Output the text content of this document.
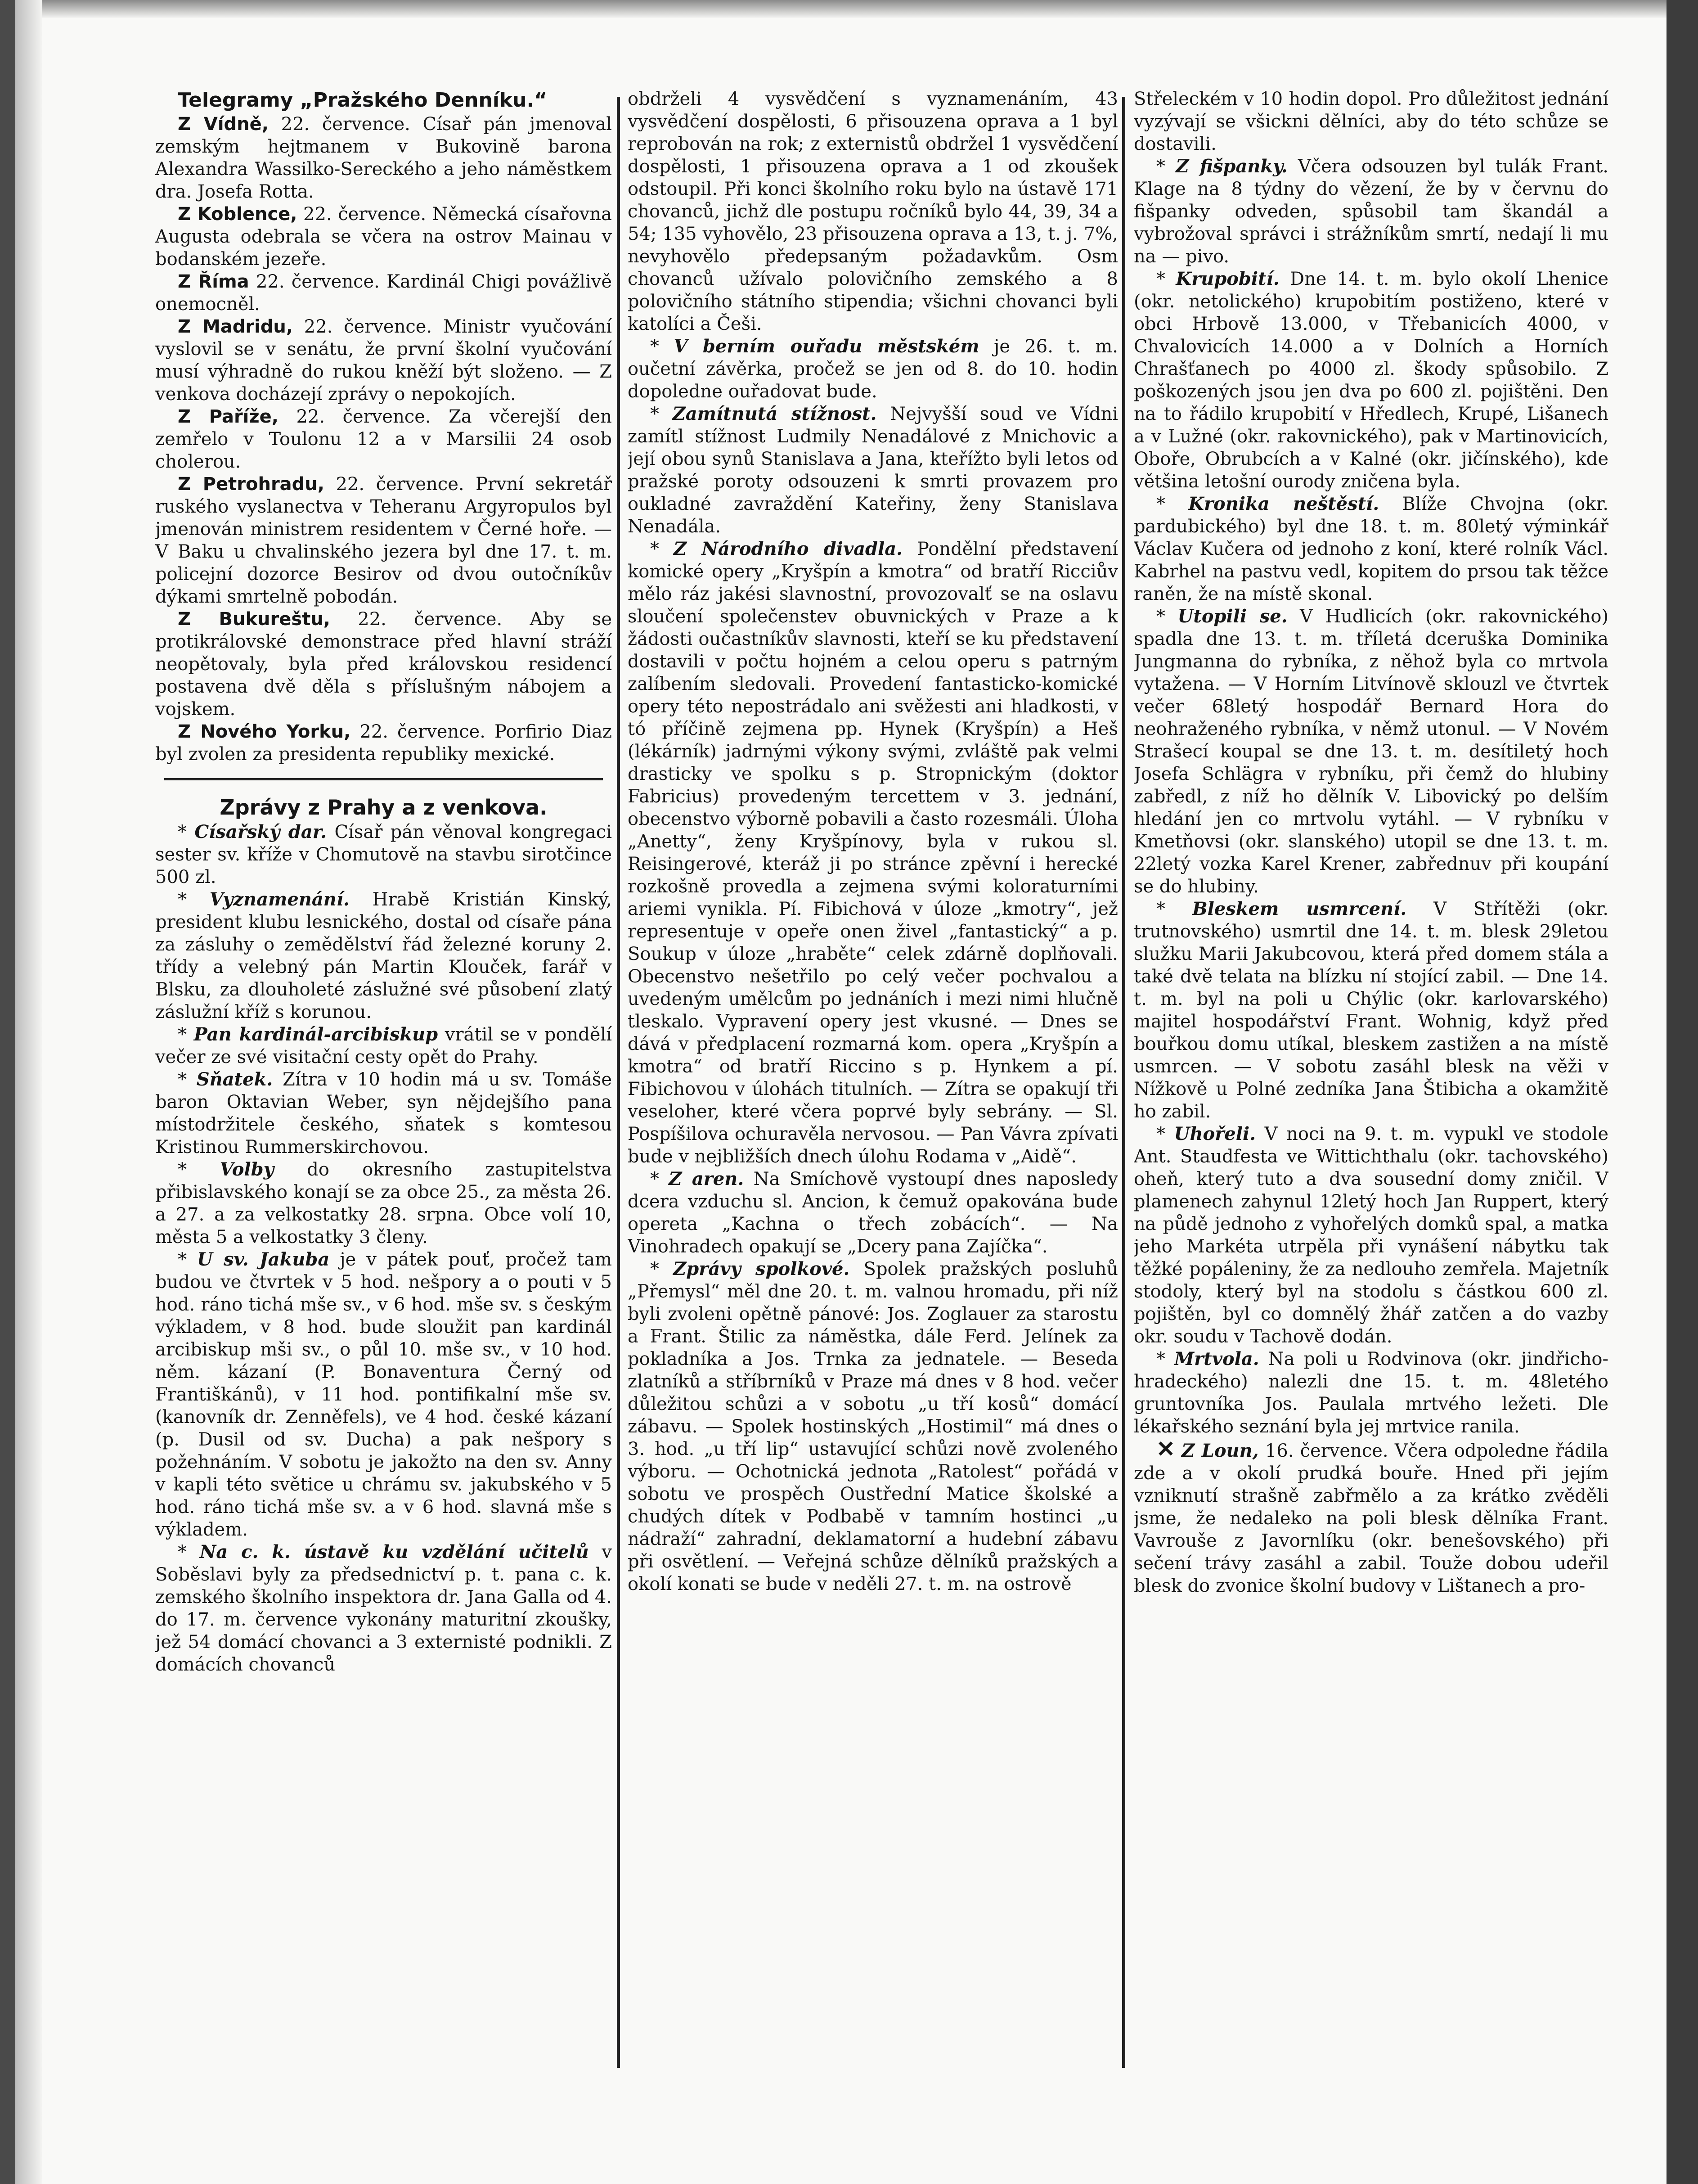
Telegramy „Pražského Denníku.“

Z Vídně, 22. července. Císař pán jmenoval zemským hejtmanem v Bukovině barona Alexandra Wassilko-Sereckého a jeho náměstkem dra. Josefa Rotta.

Z Koblence, 22. července. Německá císařovna Augusta odebrala se včera na ostrov Mainau v bodanském jezeře.

Z Říma 22. července. Kardinál Chigi povážlivě onemocněl.

Z Madridu, 22. července. Ministr vyučování vyslovil se v senátu, že první školní vyučování musí výhradně do rukou kněží být složeno. — Z venkova docházejí zprávy o nepokojích.

Z Paříže, 22. července. Za včerejší den zemřelo v Toulonu 12 a v Marsilii 24 osob cholerou.

Z Petrohradu, 22. července. První sekretář ruského vyslanectva v Teheranu Argyropulos byl jmenován ministrem residentem v Černé hoře. — V Baku u chvalinského jezera byl dne 17. t. m. policejní dozorce Besirov od dvou outočníkův dýkami smrtelně pobodán.

Z Bukureštu, 22. července. Aby se protikrálovské demonstrace před hlavní stráží neopětovaly, byla před královskou residencí postavena dvě děla s příslušným nábojem a vojskem.

Z Nového Yorku, 22. července. Porfirio Diaz byl zvolen za presidenta republiky mexické.

Zprávy z Prahy a z venkova.

* Císařský dar. Císař pán věnoval kongregaci sester sv. kříže v Chomutově na stavbu sirotčince 500 zl.

* Vyznamenání. Hrabě Kristián Kinský, president klubu lesnického, dostal od císaře pána za zásluhy o zemědělství řád železné koruny 2. třídy a velebný pán Martin Klouček, farář v Blsku, za dlouholeté záslužné své působení zlatý záslužní kříž s korunou.

* Pan kardinál-arcibiskup vrátil se v pondělí večer ze své visitační cesty opět do Prahy.

* Sňatek. Zítra v 10 hodin má u sv. Tomáše baron Oktavian Weber, syn nějdejšího pana místodržitele českého, sňatek s komtesou Kristinou Rummerskirchovou.

* Volby do okresního zastupitelstva přibislavského konají se za obce 25., za města 26. a 27. a za velkostatky 28. srpna. Obce volí 10, města 5 a velkostatky 3 členy.

* U sv. Jakuba je v pátek pouť, pročež tam budou ve čtvrtek v 5 hod. nešpory a o pouti v 5 hod. ráno tichá mše sv., v 6 hod. mše sv. s českým výkladem, v 8 hod. bude sloužit pan kardinál arcibiskup mši sv., o půl 10. mše sv., v 10 hod. něm. kázaní (P. Bonaventura Černý od Františkánů), v 11 hod. pontifikalní mše sv. (kanovník dr. Zenněfels), ve 4 hod. české kázaní (p. Dusil od sv. Ducha) a pak nešpory s požehnáním. V sobotu je jakožto na den sv. Anny v kapli této světice u chrámu sv. jakubského v 5 hod. ráno tichá mše sv. a v 6 hod. slavná mše s výkladem.

* Na c. k. ústavě ku vzdělání učitelů v Soběslavi byly za předsednictví p. t. pana c. k. zemského školního inspektora dr. Jana Galla od 4. do 17. m. července vykonány maturitní zkoušky, jež 54 domácí chovanci a 3 externisté podnikli. Z domácích chovanců

obdrželi 4 vysvědčení s vyznamenáním, 43 vysvědčení dospělosti, 6 přisouzena oprava a 1 byl reprobován na rok; z externistů obdržel 1 vysvědčení dospělosti, 1 přisouzena oprava a 1 od zkoušek odstoupil. Při konci školního roku bylo na ústavě 171 chovanců, jichž dle postupu ročníků bylo 44, 39, 34 a 54; 135 vyhovělo, 23 přisouzena oprava a 13, t. j. 7%, nevyhovělo předepsaným požadavkům. Osm chovanců užívalo polovičního zemského a 8 polovičního státního stipendia; všichni chovanci byli katolíci a Češi.

* V berním ouřadu městském je 26. t. m. oučetní závěrka, pročež se jen od 8. do 10. hodin dopoledne ouřadovat bude.

* Zamítnutá stížnost. Nejvyšší soud ve Vídni zamítl stížnost Ludmily Nenadálové z Mnichovic a její obou synů Stanislava a Jana, kteřížto byli letos od pražské poroty odsouzeni k smrti provazem pro oukladné zavraždění Kateřiny, ženy Stanislava Nenadála.

* Z Národního divadla. Pondělní představení komické opery „Kryšpín a kmotra“ od bratří Ricciův mělo ráz jakési slavnostní, provozovalť se na oslavu sloučení společenstev obuvnických v Praze a k žádosti oučastníkův slavnosti, kteří se ku představení dostavili v počtu hojném a celou operu s patrným zalíbením sledovali. Provedení fantasticko-komické opery této nepostrádalo ani svěžesti ani hladkosti, v tó příčině zejmena pp. Hynek (Kryšpín) a Heš (lékárník) jadrnými výkony svými, zvláště pak velmi drasticky ve spolku s p. Stropnickým (doktor Fabricius) provedeným tercettem v 3. jednání, obecenstvo výborně pobavili a často rozesmáli. Úloha „Anetty“, ženy Kryšpínovy, byla v rukou sl. Reisingerové, kteráž ji po stránce zpěvní i herecké rozkošně provedla a zejmena svými koloraturními ariemi vynikla. Pí. Fibichová v úloze „kmotry“, jež representuje v opeře onen živel „fantastický“ a p. Soukup v úloze „hraběte“ celek zdárně doplňovali. Obecenstvo nešetřilo po celý večer pochvalou a uvedeným umělcům po jednáních i mezi nimi hlučně tleskalo. Vypravení opery jest vkusné. — Dnes se dává v předplacení rozmarná kom. opera „Kryšpín a kmotra“ od bratří Riccino s p. Hynkem a pí. Fibichovou v úlohách titulních. — Zítra se opakují tři veseloher, které včera poprvé byly sebrány. — Sl. Pospíšilova ochuravěla nervosou. — Pan Vávra zpívati bude v nejbližších dnech úlohu Rodama v „Aidě“.

* Z aren. Na Smíchově vystoupí dnes naposledy dcera vzduchu sl. Ancion, k čemuž opakována bude opereta „Kachna o třech zobácích“. — Na Vinohradech opakují se „Dcery pana Zajíčka“.

* Zprávy spolkové. Spolek pražských posluhů „Přemysl“ měl dne 20. t. m. valnou hromadu, při níž byli zvoleni opětně pánové: Jos. Zoglauer za starostu a Frant. Štilic za náměstka, dále Ferd. Jelínek za pokladníka a Jos. Trnka za jednatele. — Beseda zlatníků a stříbrníků v Praze má dnes v 8 hod. večer důležitou schůzi a v sobotu „u tří kosů“ domácí zábavu. — Spolek hostinských „Hostimil“ má dnes o 3. hod. „u tří lip“ ustavující schůzi nově zvoleného výboru. — Ochotnická jednota „Ratolest“ pořádá v sobotu ve prospěch Oustřední Matice školské a chudých dítek v Podbabě v tamním hostinci „u nádraží“ zahradní, deklamatorní a hudební zábavu při osvětlení. — Veřejná schůze dělníků pražských a okolí konati se bude v neděli 27. t. m. na ostrově

Střeleckém v 10 hodin dopol. Pro důležitost jednání vyzývají se všickni dělníci, aby do této schůze se dostavili.

* Z fišpanky. Včera odsouzen byl tulák Frant. Klage na 8 týdny do vězení, že by v červnu do fišpanky odveden, spůsobil tam škandál a vybrožoval správci i strážníkům smrtí, nedají li mu na — pivo.

* Krupobití. Dne 14. t. m. bylo okolí Lhenice (okr. netolického) krupobitím postiženo, které v obci Hrbově 13.000, v Třebanicích 4000, v Chvalovicích 14.000 a v Dolních a Horních Chrašťanech po 4000 zl. škody spůsobilo. Z poškozených jsou jen dva po 600 zl. pojištěni. Den na to řádilo krupobití v Hředlech, Krupé, Lišanech a v Lužné (okr. rakovnického), pak v Martinovicích, Oboře, Obrubcích a v Kalné (okr. jičínského), kde většina letošní ourody zničena byla.

* Kronika neštěstí. Blíže Chvojna (okr. pardubického) byl dne 18. t. m. 80letý výminkář Václav Kučera od jednoho z koní, které rolník Václ. Kabrhel na pastvu vedl, kopitem do prsou tak těžce raněn, že na místě skonal.

* Utopili se. V Hudlicích (okr. rakovnického) spadla dne 13. t. m. tříletá dceruška Dominika Jungmanna do rybníka, z něhož byla co mrtvola vytažena. — V Horním Litvínově sklouzl ve čtvrtek večer 68letý hospodář Bernard Hora do neohraženého rybníka, v němž utonul. — V Novém Strašecí koupal se dne 13. t. m. desítiletý hoch Josefa Schlägra v rybníku, při čemž do hlubiny zabředl, z níž ho dělník V. Libovický po delším hledání jen co mrtvolu vytáhl. — V rybníku v Kmetňovsi (okr. slanského) utopil se dne 13. t. m. 22letý vozka Karel Krener, zabřednuv při koupání se do hlubiny.

* Bleskem usmrcení. V Střítěži (okr. trutnovského) usmrtil dne 14. t. m. blesk 29letou služku Marii Jakubcovou, která před domem stála a také dvě telata na blízku ní stojící zabil. — Dne 14. t. m. byl na poli u Chýlic (okr. karlovarského) majitel hospodářství Frant. Wohnig, když před bouřkou domu utíkal, bleskem zastižen a na místě usmrcen. — V sobotu zasáhl blesk na věži v Nížkově u Polné zedníka Jana Štibicha a okamžitě ho zabil.

* Uhořeli. V noci na 9. t. m. vypukl ve stodole Ant. Staudfesta ve Wittichthalu (okr. tachovského) oheň, který tuto a dva sousední domy zničil. V plamenech zahynul 12letý hoch Jan Ruppert, který na půdě jednoho z vyhořelých domků spal, a matka jeho Markéta utrpěla při vynášení nábytku tak těžké popáleniny, že za nedlouho zemřela. Majetník stodoly, který byl na stodolu s částkou 600 zl. pojištěn, byl co domnělý žhář zatčen a do vazby okr. soudu v Tachově dodán.

* Mrtvola. Na poli u Rodvinova (okr. jindřicho-hradeckého) nalezli dne 15. t. m. 48letého gruntovníka Jos. Paulala mrtvého ležeti. Dle lékařského seznání byla jej mrtvice ranila.

✕ Z Loun, 16. července. Včera odpoledne řádila zde a v okolí prudká bouře. Hned při jejím vzniknutí strašně zabřmělo a za krátko zvěděli jsme, že nedaleko na poli blesk dělníka Frant. Vavrouše z Javornlíku (okr. benešovského) při sečení trávy zasáhl a zabil. Touže dobou udeřil blesk do zvonice školní budovy v Lištanech a pro-
